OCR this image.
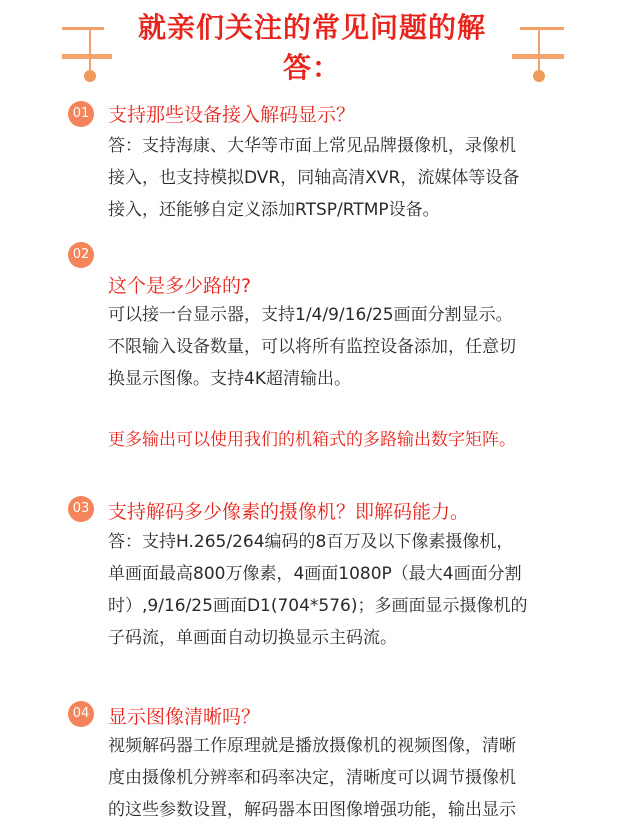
就亲们关注的常见问题的解答：
01 支持那些设备接入解码显示？
答：支持海康、大华等市面上常见品牌摄像机，录像机
接入，也支持模拟DVR，同轴高清XVR，流媒体等设备
接入，还能够自定义添加RTSP/RTMP设备。
02
这个是多少路的?
可以接一台显示器，支持1/4/9/16/25画面分割显示。
不限输入设备数量，可以将所有监控设备添加，任意切
换显示图像。支持4K超清输出。
更多输出可以使用我们的机箱式的多路输出数字矩阵。
03 支持解码多少像素的摄像机？即解码能力。
答：支持H.265/264编码的8百万及以下像素摄像机，
单画面最高800万像素，4画面1080P（最大4画面分割
时）,9/16/25画面D1(704*576)；多画面显示摄像机的
子码流，单画面自动切换显示主码流。
04 显示图像清晰吗？
视频解码器工作原理就是播放摄像机的视频图像，清晰
度由摄像机分辨率和码率决定，清晰度可以调节摄像机
的这些参数设置，解码器本田图像增强功能，输出显示
